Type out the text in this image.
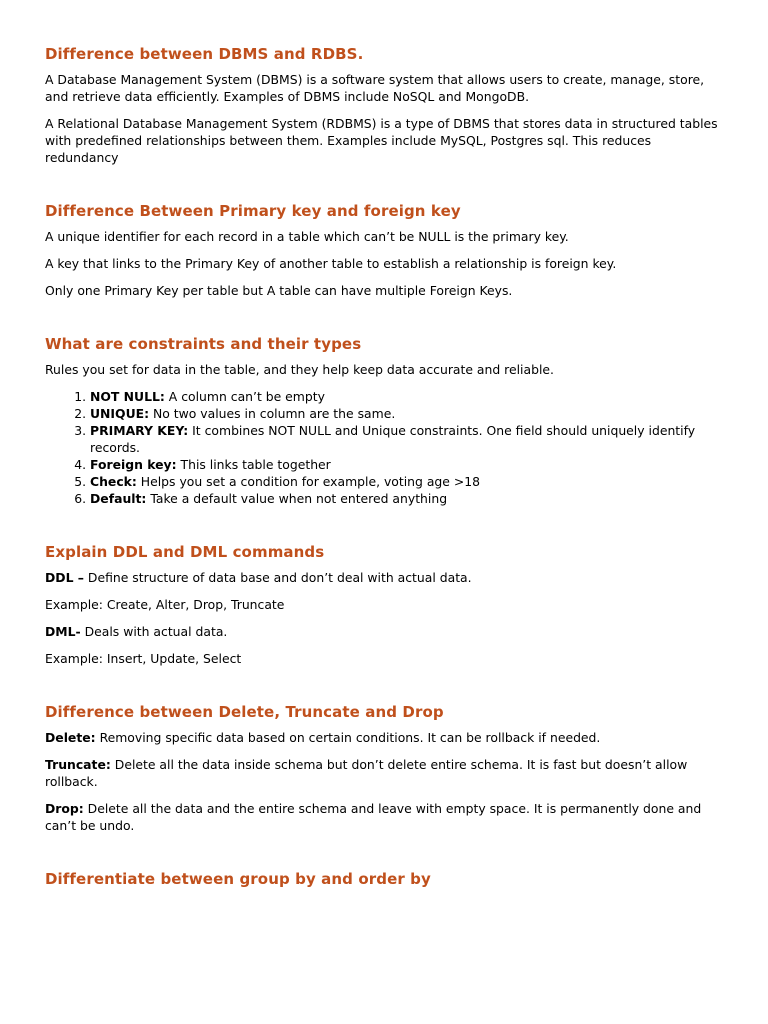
Difference between DBMS and RDBS.

A Database Management System (DBMS) is a software system that allows users to create, manage, store, and retrieve data efficiently. Examples of DBMS include NoSQL and MongoDB.

A Relational Database Management System (RDBMS) is a type of DBMS that stores data in structured tables with predefined relationships between them. Examples include MySQL, Postgres sql. This reduces redundancy

Difference Between Primary key and foreign key

A unique identifier for each record in a table which can’t be NULL is the primary key.

A key that links to the Primary Key of another table to establish a relationship is foreign key.

Only one Primary Key per table but A table can have multiple Foreign Keys.

What are constraints and their types

Rules you set for data in the table, and they help keep data accurate and reliable.

1. NOT NULL: A column can’t be empty
2. UNIQUE: No two values in column are the same.
3. PRIMARY KEY: It combines NOT NULL and Unique constraints. One field should uniquely identify records.
4. Foreign key: This links table together
5. Check: Helps you set a condition for example, voting age >18
6. Default: Take a default value when not entered anything
Explain DDL and DML commands

DDL – Define structure of data base and don’t deal with actual data.

Example: Create, Alter, Drop, Truncate

DML- Deals with actual data.

Example: Insert, Update, Select

Difference between Delete, Truncate and Drop

Delete: Removing specific data based on certain conditions. It can be rollback if needed.

Truncate: Delete all the data inside schema but don’t delete entire schema. It is fast but doesn’t allow rollback.

Drop: Delete all the data and the entire schema and leave with empty space. It is permanently done and can’t be undo.

Differentiate between group by and order by
